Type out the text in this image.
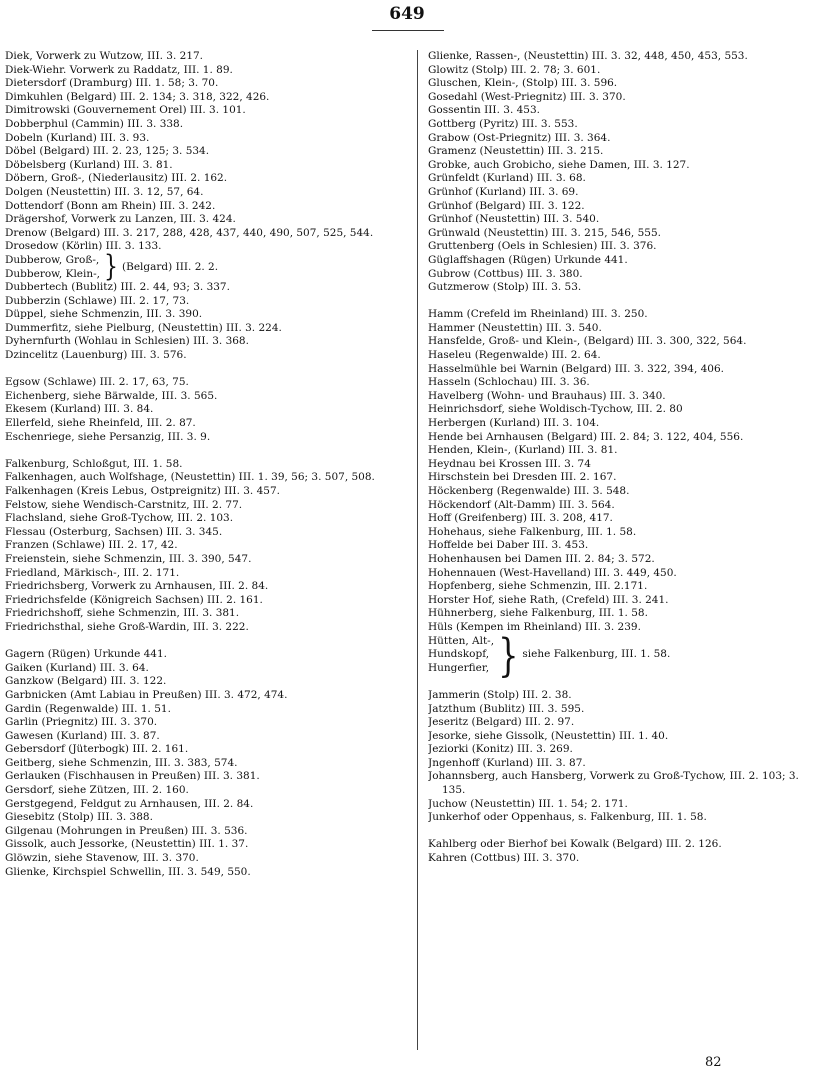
649
Diek, Vorwerk zu Wutzow, III. 3. 217.
Diek-Wiehr. Vorwerk zu Raddatz, III. 1. 89.
Dietersdorf (Dramburg) III. 1. 58; 3. 70.
Dimkuhlen (Belgard) III. 2. 134; 3. 318, 322, 426.
Dimitrowski (Gouvernement Orel) III. 3. 101.
Dobberphul (Cammin) III. 3. 338.
Dobeln (Kurland) III. 3. 93.
Döbel (Belgard) III. 2. 23, 125; 3. 534.
Döbelsberg (Kurland) III. 3. 81.
Döbern, Groß-, (Niederlausitz) III. 2. 162.
Dolgen (Neustettin) III. 3. 12, 57, 64.
Dottendorf (Bonn am Rhein) III. 3. 242.
Drägershof, Vorwerk zu Lanzen, III. 3. 424.
Drenow (Belgard) III. 3. 217, 288, 428, 437, 440, 490, 507, 525, 544.
Drosedow (Körlin) III. 3. 133.
Dubberow, Groß-,
Dubberow, Klein-, } (Belgard) III. 2. 2.
Dubbertech (Bublitz) III. 2. 44, 93; 3. 337.
Dubberzin (Schlawe) III. 2. 17, 73.
Düppel, siehe Schmenzin, III. 3. 390.
Dummerfitz, siehe Pielburg, (Neustettin) III. 3. 224.
Dyhernfurth (Wohlau in Schlesien) III. 3. 368.
Dzincelitz (Lauenburg) III. 3. 576.
Egsow (Schlawe) III. 2. 17, 63, 75.
Eichenberg, siehe Bärwalde, III. 3. 565.
Ekesem (Kurland) III. 3. 84.
Ellerfeld, siehe Rheinfeld, III. 2. 87.
Eschenriege, siehe Persanzig, III. 3. 9.
Falkenburg, Schloßgut, III. 1. 58.
Falkenhagen, auch Wolfshage, (Neustettin) III. 1. 39, 56; 3. 507, 508.
Falkenhagen (Kreis Lebus, Ostpreignitz) III. 3. 457.
Felstow, siehe Wendisch-Carstnitz, III. 2. 77.
Flachsland, siehe Groß-Tychow, III. 2. 103.
Flessau (Osterburg, Sachsen) III. 3. 345.
Franzen (Schlawe) III. 2. 17, 42.
Freienstein, siehe Schmenzin, III. 3. 390, 547.
Friedland, Märkisch-, III. 2. 171.
Friedrichsberg, Vorwerk zu Arnhausen, III. 2. 84.
Friedrichsfelde (Königreich Sachsen) III. 2. 161.
Friedrichshoff, siehe Schmenzin, III. 3. 381.
Friedrichsthal, siehe Groß-Wardin, III. 3. 222.
Gagern (Rügen) Urkunde 441.
Gaiken (Kurland) III. 3. 64.
Ganzkow (Belgard) III. 3. 122.
Garbnicken (Amt Labiau in Preußen) III. 3. 472, 474.
Gardin (Regenwalde) III. 1. 51.
Garlin (Priegnitz) III. 3. 370.
Gawesen (Kurland) III. 3. 87.
Gebersdorf (Jüterbogk) III. 2. 161.
Geitberg, siehe Schmenzin, III. 3. 383, 574.
Gerlauken (Fischhausen in Preußen) III. 3. 381.
Gersdorf, siehe Zützen, III. 2. 160.
Gerstgegend, Feldgut zu Arnhausen, III. 2. 84.
Giesebitz (Stolp) III. 3. 388.
Gilgenau (Mohrungen in Preußen) III. 3. 536.
Gissolk, auch Jessorke, (Neustettin) III. 1. 37.
Glöwzin, siehe Stavenow, III. 3. 370.
Glienke, Kirchspiel Schwellin, III. 3. 549, 550.
Glienke, Rassen-, (Neustettin) III. 3. 32, 448, 450, 453, 553.
Glowitz (Stolp) III. 2. 78; 3. 601.
Gluschen, Klein-, (Stolp) III. 3. 596.
Gosedahl (West-Priegnitz) III. 3. 370.
Gossentin III. 3. 453.
Gottberg (Pyritz) III. 3. 553.
Grabow (Ost-Priegnitz) III. 3. 364.
Gramenz (Neustettin) III. 3. 215.
Grobke, auch Grobicho, siehe Damen, III. 3. 127.
Grünfeldt (Kurland) III. 3. 68.
Grünhof (Kurland) III. 3. 69.
Grünhof (Belgard) III. 3. 122.
Grünhof (Neustettin) III. 3. 540.
Grünwald (Neustettin) III. 3. 215, 546, 555.
Gruttenberg (Oels in Schlesien) III. 3. 376.
Güglaffshagen (Rügen) Urkunde 441.
Gubrow (Cottbus) III. 3. 380.
Gutzmerow (Stolp) III. 3. 53.
Hamm (Crefeld im Rheinland) III. 3. 250.
Hammer (Neustettin) III. 3. 540.
Hansfelde, Groß- und Klein-, (Belgard) III. 3. 300, 322, 564.
Haseleu (Regenwalde) III. 2. 64.
Hasselmühle bei Warnin (Belgard) III. 3. 322, 394, 406.
Hasseln (Schlochau) III. 3. 36.
Havelberg (Wohn- und Brauhaus) III. 3. 340.
Heinrichsdorf, siehe Woldisch-Tychow, III. 2. 80
Herbergen (Kurland) III. 3. 104.
Hende bei Arnhausen (Belgard) III. 2. 84; 3. 122, 404, 556.
Henden, Klein-, (Kurland) III. 3. 81.
Heydnau bei Krossen III. 3. 74
Hirschstein bei Dresden III. 2. 167.
Höckenberg (Regenwalde) III. 3. 548.
Höckendorf (Alt-Damm) III. 3. 564.
Hoff (Greifenberg) III. 3. 208, 417.
Hohehaus, siehe Falkenburg, III. 1. 58.
Hoffelde bei Daber III. 3. 453.
Hohenhausen bei Damen III. 2. 84; 3. 572.
Hohennauen (West-Havelland) III. 3. 449, 450.
Hopfenberg, siehe Schmenzin, III. 2.171.
Horster Hof, siehe Rath, (Crefeld) III. 3. 241.
Hühnerberg, siehe Falkenburg, III. 1. 58.
Hüls (Kempen im Rheinland) III. 3. 239.
Hütten, Alt-,
Hundskopf,
Hungerfier, } siehe Falkenburg, III. 1. 58.
Jammerin (Stolp) III. 2. 38.
Jatzthum (Bublitz) III. 3. 595.
Jeseritz (Belgard) III. 2. 97.
Jesorke, siehe Gissolk, (Neustettin) III. 1. 40.
Jeziorki (Konitz) III. 3. 269.
Jngenhoff (Kurland) III. 3. 87.
Johannsberg, auch Hansberg, Vorwerk zu Groß-Tychow, III. 2. 103; 3. 135.
Juchow (Neustettin) III. 1. 54; 2. 171.
Junkerhof oder Oppenhaus, s. Falkenburg, III. 1. 58.
Kahlberg oder Bierhof bei Kowalk (Belgard) III. 2. 126.
Kahren (Cottbus) III. 3. 370.
82
